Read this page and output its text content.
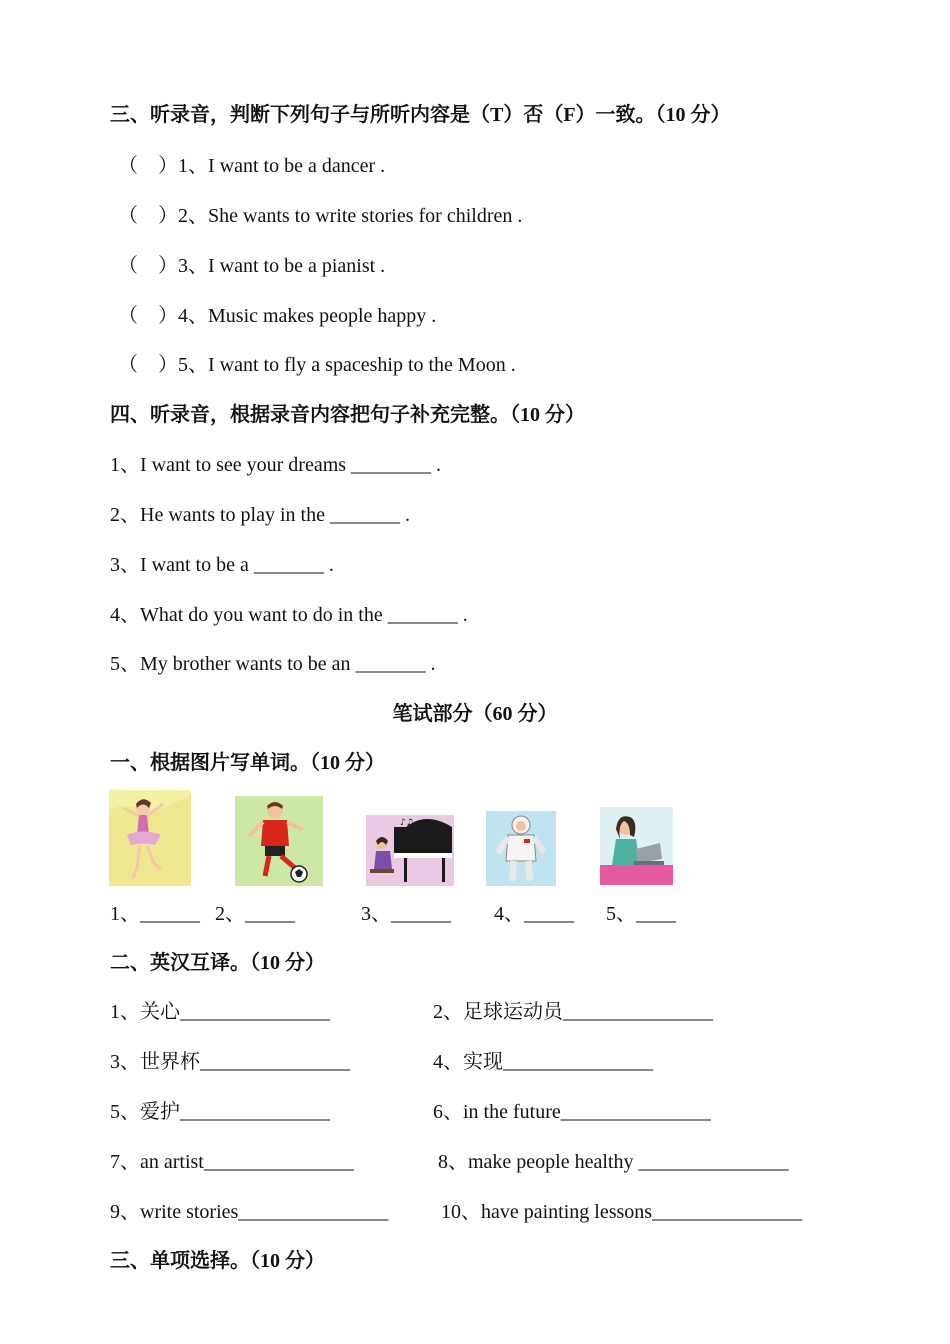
三、听录音，判断下列句子与所听内容是（T）否（F）一致。（10 分）
（    ）1、I want to be a dancer .
（    ）2、She wants to write stories for children .
（    ）3、I want to be a pianist .
（    ）4、Music makes people happy .
（    ）5、I want to fly a spaceship to the Moon .
四、听录音，根据录音内容把句子补充完整。（10 分）
1、I want to see your dreams ________ .
2、He wants to play in the _______ .
3、I want to be a _______ .
4、What do you want to do in the _______ .
5、My brother wants to be an _______ .
笔试部分（60 分）
一、根据图片写单词。（10 分）
♪♫
1、______ 2、_____	3、______ 4、_____ 5、____
二、英汉互译。（10 分）
1、关心_______________	2、足球运动员_______________
3、世界杯_______________	4、实现_______________
5、爱护_______________	6、in the future_______________
7、an artist_______________	8、make people healthy _______________
9、write stories_______________	10、have painting lessons_______________
三、单项选择。（10 分）
